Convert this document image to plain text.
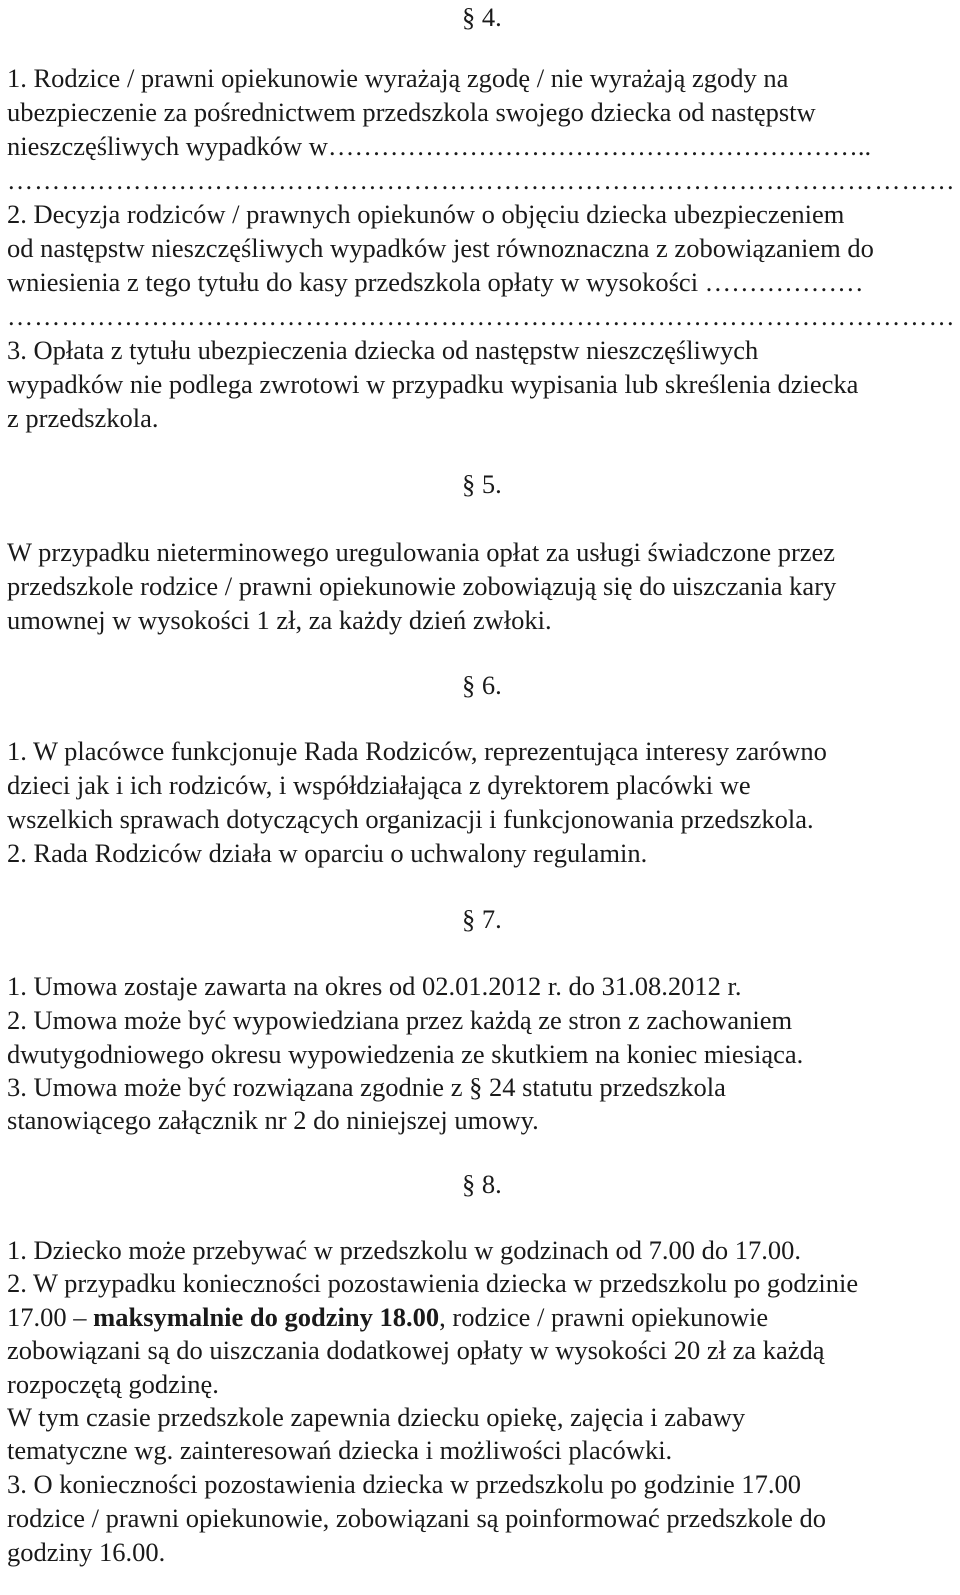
§ 4.
1. Rodzice / prawni opiekunowie wyrażają zgodę / nie wyrażają zgody na
ubezpieczenie za pośrednictwem przedszkola swojego dziecka od następstw
nieszczęśliwych wypadków w……………………………………………………..
……………………………………………………………………………………………
2. Decyzja rodziców / prawnych opiekunów o objęciu dziecka ubezpieczeniem
od następstw nieszczęśliwych wypadków jest równoznaczna z zobowiązaniem do
wniesienia z tego tytułu do kasy przedszkola opłaty w wysokości ………………
……………………………………………………………………………………………
3. Opłata z tytułu ubezpieczenia dziecka od następstw nieszczęśliwych
wypadków nie podlega zwrotowi w przypadku wypisania lub skreślenia dziecka
z przedszkola.
§ 5.
W przypadku nieterminowego uregulowania opłat za usługi świadczone przez
przedszkole rodzice / prawni opiekunowie zobowiązują się do uiszczania kary
umownej w wysokości 1 zł, za każdy dzień zwłoki.
§ 6.
1. W placówce funkcjonuje Rada Rodziców, reprezentująca interesy zarówno
dzieci jak i ich rodziców, i współdziałająca z dyrektorem placówki we
wszelkich sprawach dotyczących organizacji i funkcjonowania przedszkola.
2. Rada Rodziców działa w oparciu o uchwalony regulamin.
§ 7.
1. Umowa zostaje zawarta na okres od 02.01.2012 r. do 31.08.2012 r.
2. Umowa może być wypowiedziana przez każdą ze stron z zachowaniem
dwutygodniowego okresu wypowiedzenia ze skutkiem na koniec miesiąca.
3. Umowa może być rozwiązana zgodnie z § 24 statutu przedszkola
stanowiącego załącznik nr 2 do niniejszej umowy.
§ 8.
1. Dziecko może przebywać w przedszkolu w godzinach od 7.00 do 17.00.
2. W przypadku konieczności pozostawienia dziecka w przedszkolu po godzinie
17.00 – maksymalnie do godziny 18.00, rodzice / prawni opiekunowie
zobowiązani są do uiszczania dodatkowej opłaty w wysokości 20 zł za każdą
rozpoczętą godzinę.
W tym czasie przedszkole zapewnia dziecku opiekę, zajęcia i zabawy
tematyczne wg. zainteresowań dziecka i możliwości placówki.
3. O konieczności pozostawienia dziecka w przedszkolu po godzinie 17.00
rodzice / prawni opiekunowie, zobowiązani są poinformować przedszkole do
godziny 16.00.
